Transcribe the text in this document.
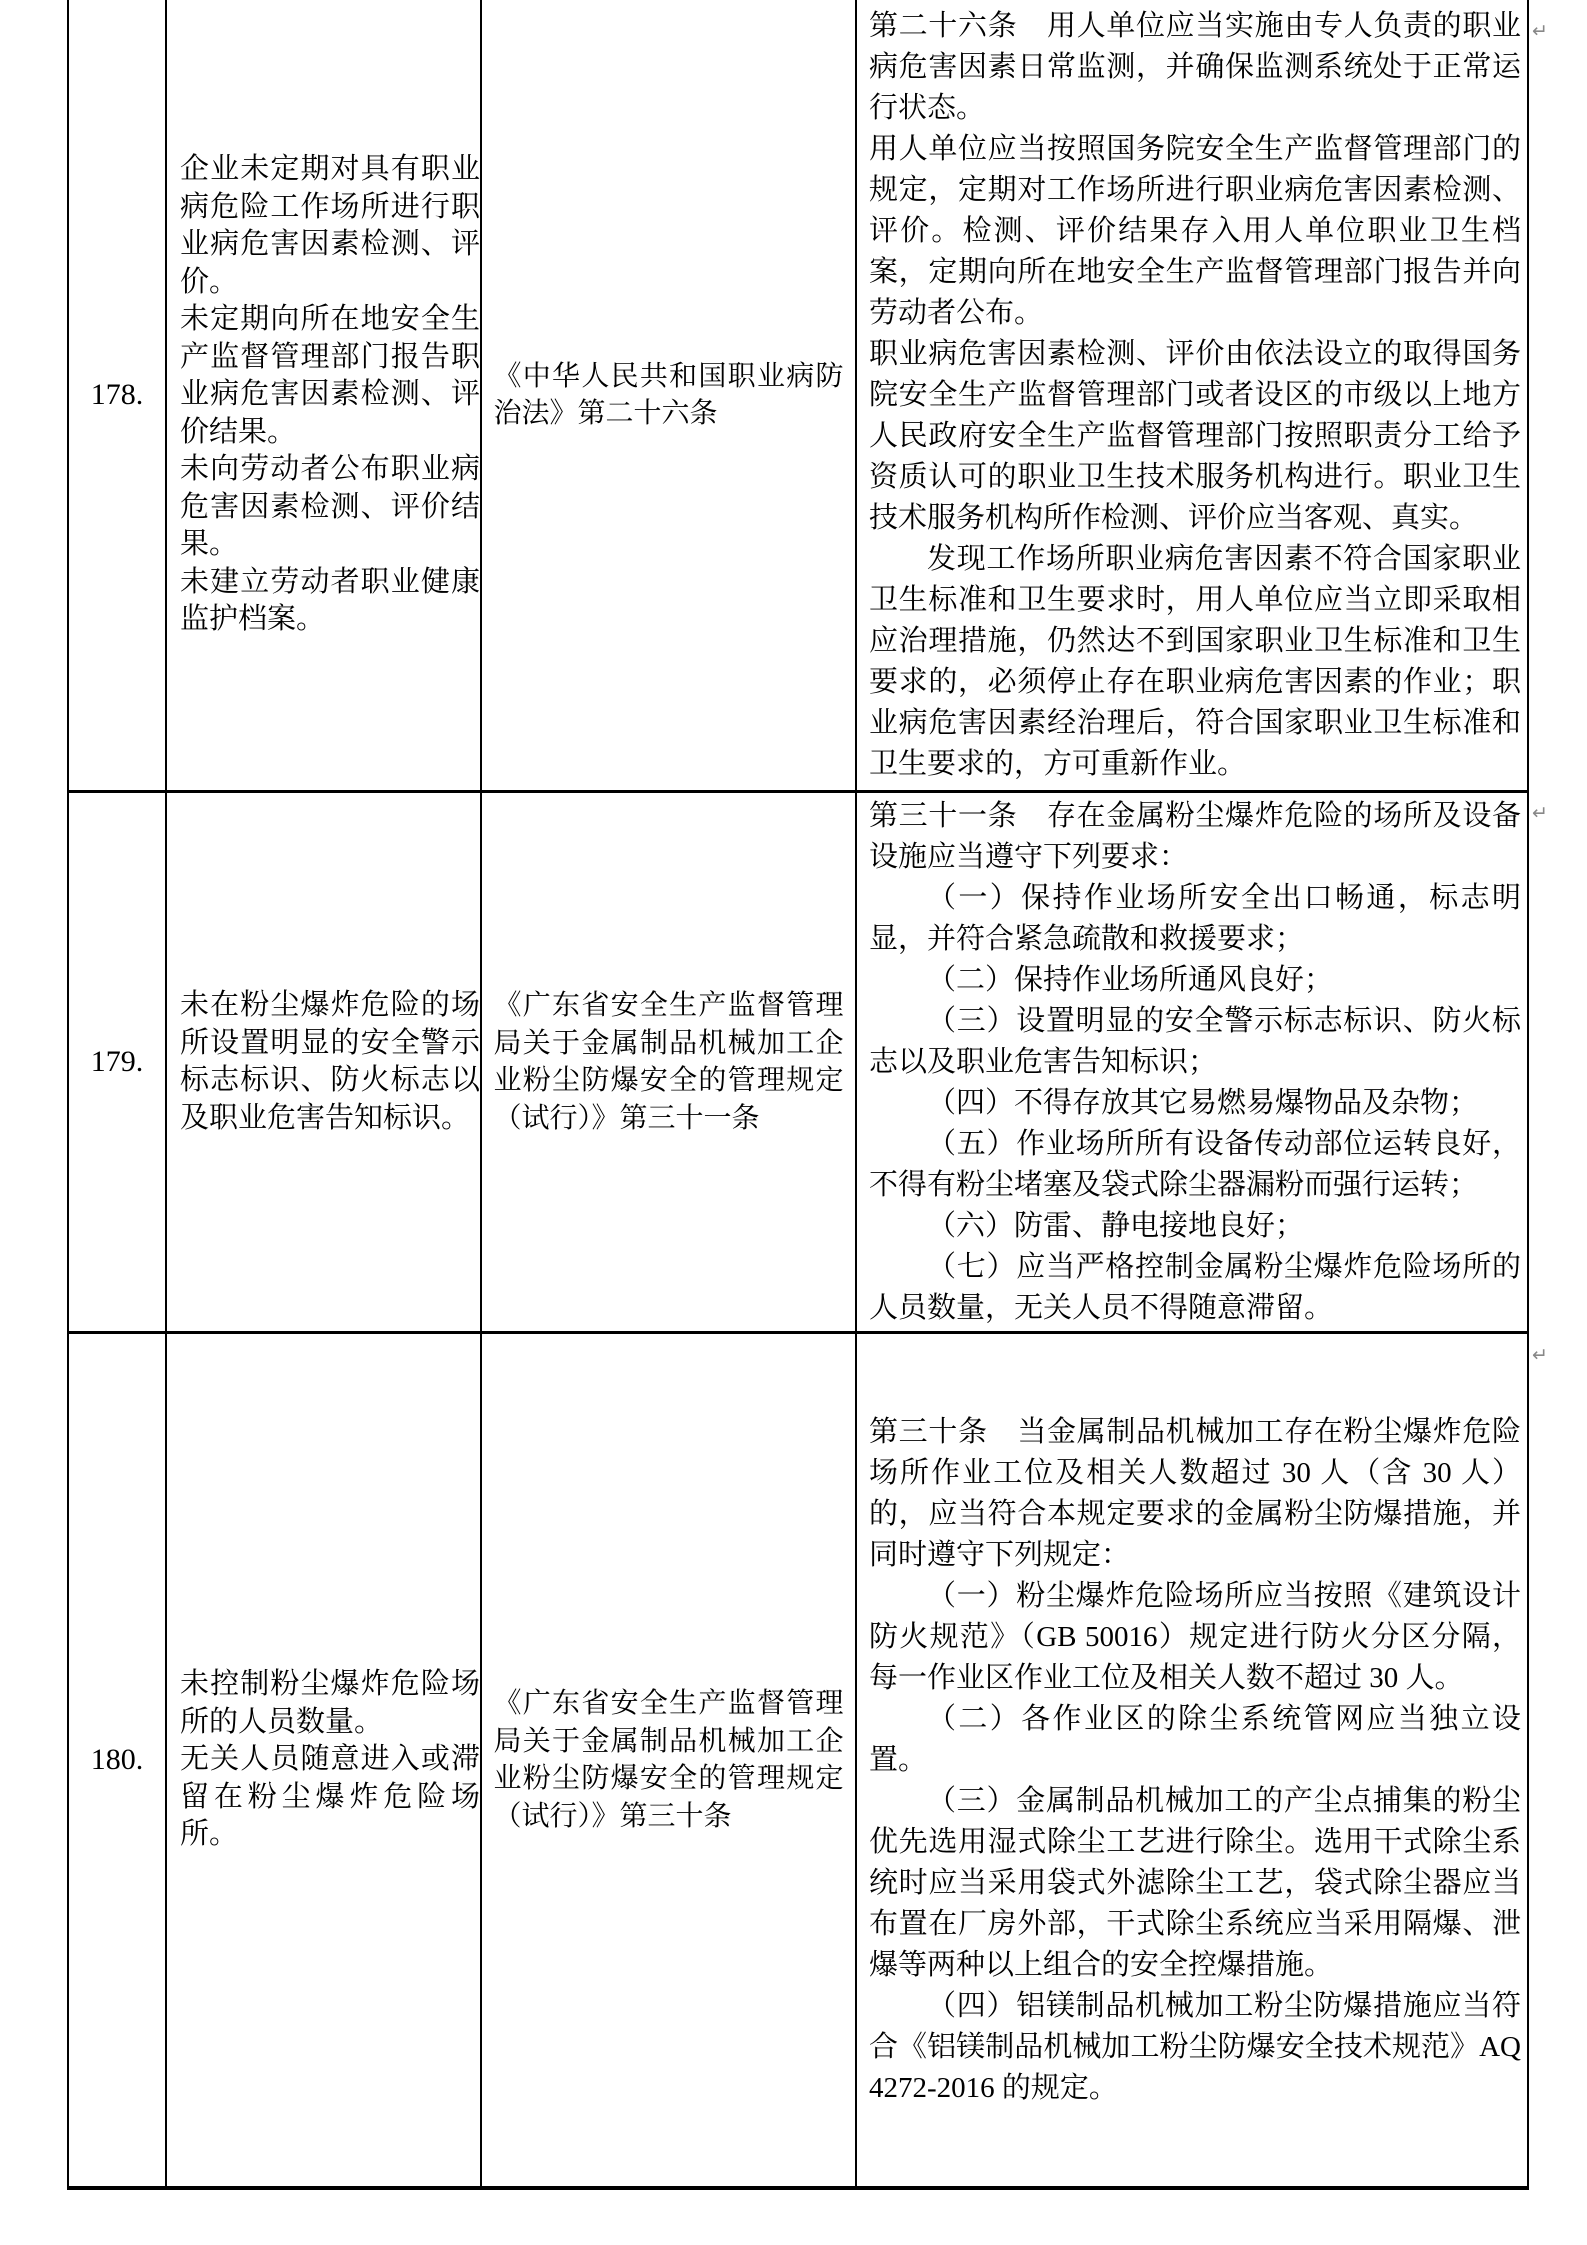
178.

企业未定期对具有职业病危险工作场所进行职业病危害因素检测、评价。

未定期向所在地安全生产监督管理部门报告职业病危害因素检测、评价结果。

未向劳动者公布职业病危害因素检测、评价结果。

未建立劳动者职业健康监护档案。

《中华人民共和国职业病防治法》第二十六条

第二十六条　用人单位应当实施由专人负责的职业病危害因素日常监测，并确保监测系统处于正常运行状态。

用人单位应当按照国务院安全生产监督管理部门的规定，定期对工作场所进行职业病危害因素检测、评价。检测、评价结果存入用人单位职业卫生档案，定期向所在地安全生产监督管理部门报告并向劳动者公布。

职业病危害因素检测、评价由依法设立的取得国务院安全生产监督管理部门或者设区的市级以上地方人民政府安全生产监督管理部门按照职责分工给予资质认可的职业卫生技术服务机构进行。职业卫生技术服务机构所作检测、评价应当客观、真实。

发现工作场所职业病危害因素不符合国家职业卫生标准和卫生要求时，用人单位应当立即采取相应治理措施，仍然达不到国家职业卫生标准和卫生要求的，必须停止存在职业病危害因素的作业；职业病危害因素经治理后，符合国家职业卫生标准和卫生要求的，方可重新作业。

179.

未在粉尘爆炸危险的场所设置明显的安全警示标志标识、防火标志以及职业危害告知标识。

《广东省安全生产监督管理局关于金属制品机械加工企业粉尘防爆安全的管理规定（试行）》第三十一条

第三十一条　存在金属粉尘爆炸危险的场所及设备设施应当遵守下列要求：

（一）保持作业场所安全出口畅通，标志明显，并符合紧急疏散和救援要求；

（二）保持作业场所通风良好；

（三）设置明显的安全警示标志标识、防火标志以及职业危害告知标识；

（四）不得存放其它易燃易爆物品及杂物；

（五）作业场所所有设备传动部位运转良好，不得有粉尘堵塞及袋式除尘器漏粉而强行运转；

（六）防雷、静电接地良好；

（七）应当严格控制金属粉尘爆炸危险场所的人员数量，无关人员不得随意滞留。

180.

未控制粉尘爆炸危险场所的人员数量。

无关人员随意进入或滞留在粉尘爆炸危险场所。

《广东省安全生产监督管理局关于金属制品机械加工企业粉尘防爆安全的管理规定（试行）》第三十条

第三十条　当金属制品机械加工存在粉尘爆炸危险场所作业工位及相关人数超过 30 人（含 30 人）的，应当符合本规定要求的金属粉尘防爆措施，并同时遵守下列规定：

（一）粉尘爆炸危险场所应当按照《建筑设计防火规范》（GB 50016）规定进行防火分区分隔，每一作业区作业工位及相关人数不超过 30 人。

（二）各作业区的除尘系统管网应当独立设置。

（三）金属制品机械加工的产尘点捕集的粉尘优先选用湿式除尘工艺进行除尘。选用干式除尘系统时应当采用袋式外滤除尘工艺，袋式除尘器应当布置在厂房外部，干式除尘系统应当采用隔爆、泄爆等两种以上组合的安全控爆措施。

（四）铝镁制品机械加工粉尘防爆措施应当符合《铝镁制品机械加工粉尘防爆安全技术规范》AQ 4272-2016 的规定。

↵
↵
↵
